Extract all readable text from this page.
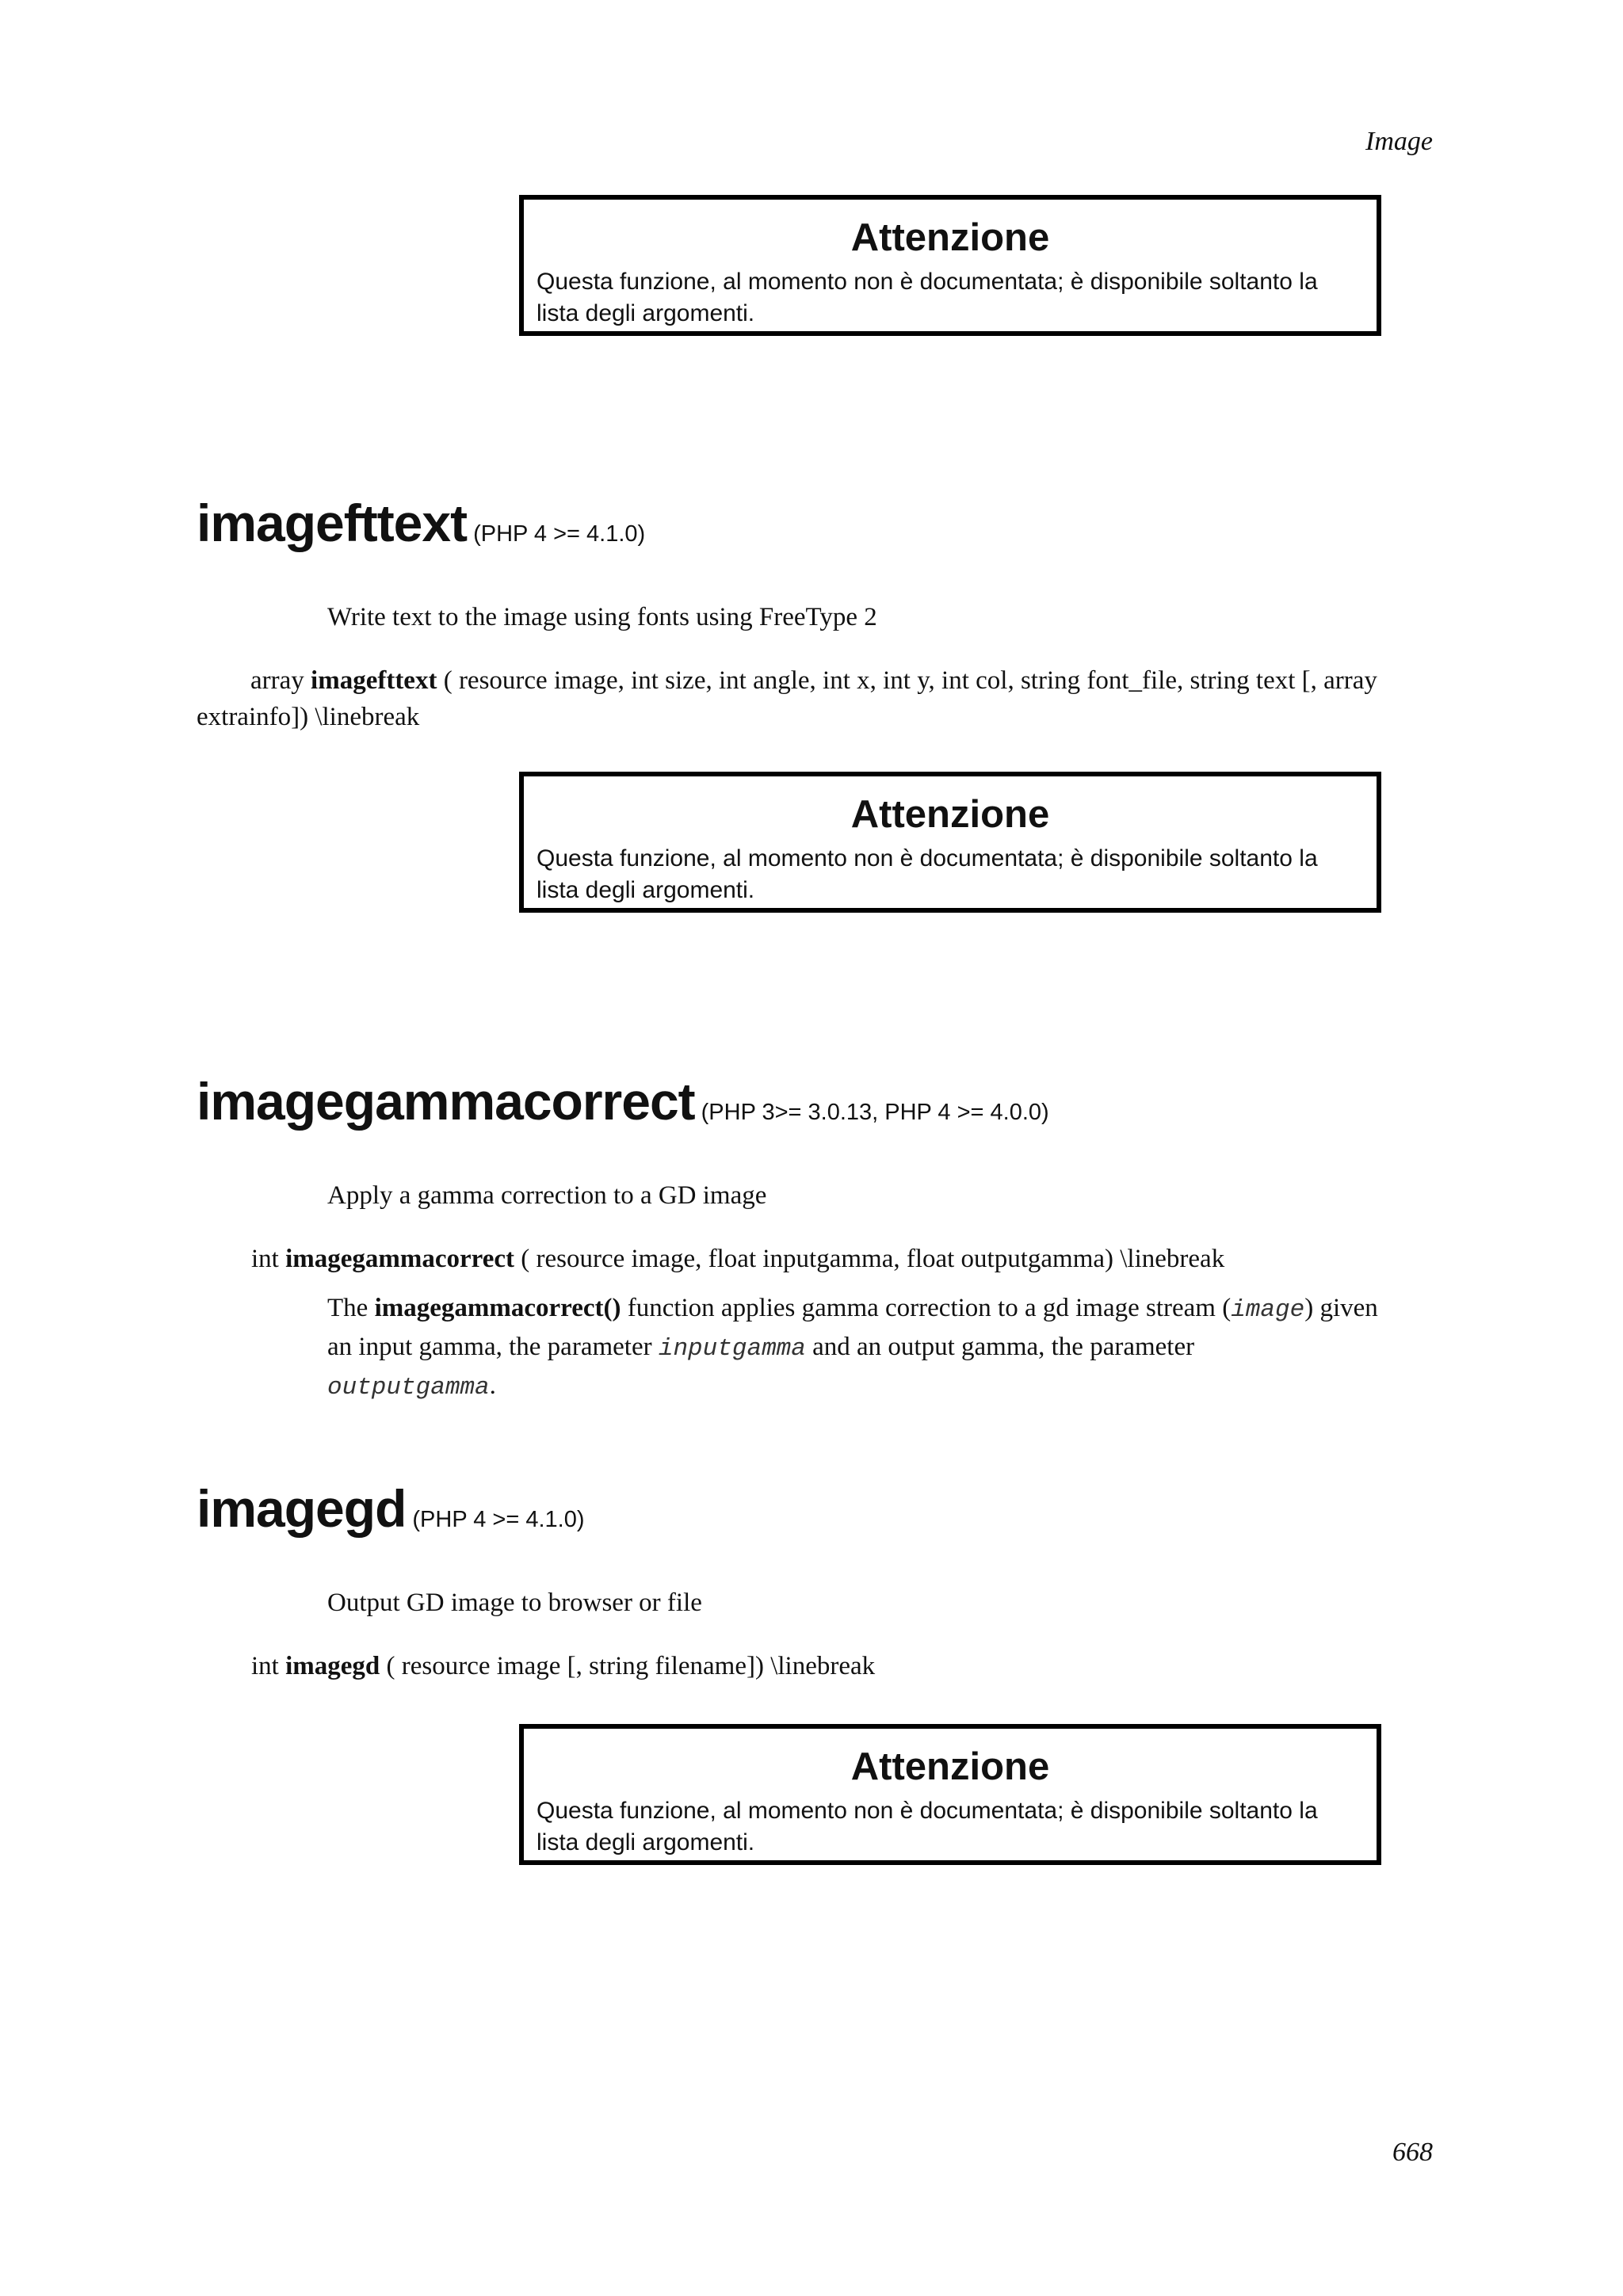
Image
Attenzione
Questa funzione, al momento non è documentata; è disponibile soltanto la
lista degli argomenti.
imagefttext (PHP 4 >= 4.1.0)
Write text to the image using fonts using FreeType 2
array imagefttext ( resource image, int size, int angle, int x, int y, int col, string font_file, string text [, array
extrainfo]) \linebreak
Attenzione
Questa funzione, al momento non è documentata; è disponibile soltanto la
lista degli argomenti.
imagegammacorrect (PHP 3>= 3.0.13, PHP 4 >= 4.0.0)
Apply a gamma correction to a GD image
int imagegammacorrect ( resource image, float inputgamma, float outputgamma) \linebreak
The imagegammacorrect() function applies gamma correction to a gd image stream (image) given
an input gamma, the parameter inputgamma and an output gamma, the parameter
outputgamma.
imagegd (PHP 4 >= 4.1.0)
Output GD image to browser or file
int imagegd ( resource image [, string filename]) \linebreak
Attenzione
Questa funzione, al momento non è documentata; è disponibile soltanto la
lista degli argomenti.
668
